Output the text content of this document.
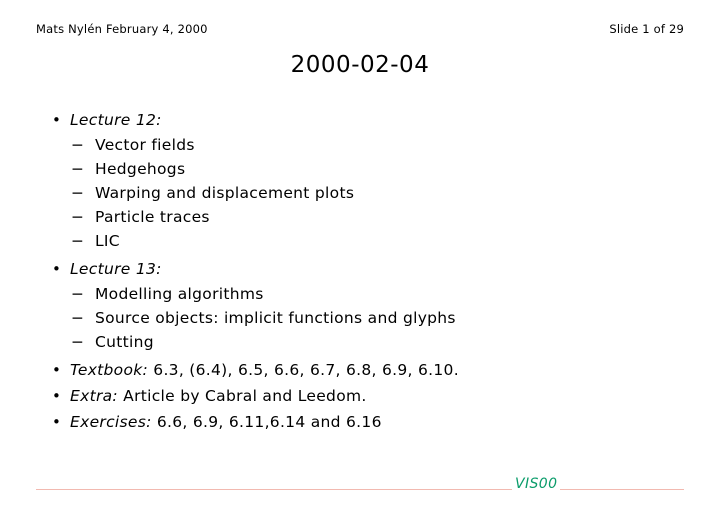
Mats Nylén February 4, 2000	Slide 1 of 29
2000-02-04
• Lecture 12:
− Vector fields
− Hedgehogs
− Warping and displacement plots
− Particle traces
− LIC
• Lecture 13:
− Modelling algorithms
− Source objects: implicit functions and glyphs
− Cutting
• Textbook: 6.3, (6.4), 6.5, 6.6, 6.7, 6.8, 6.9, 6.10.
• Extra: Article by Cabral and Leedom.
• Exercises: 6.6, 6.9, 6.11,6.14 and 6.16
VIS00
